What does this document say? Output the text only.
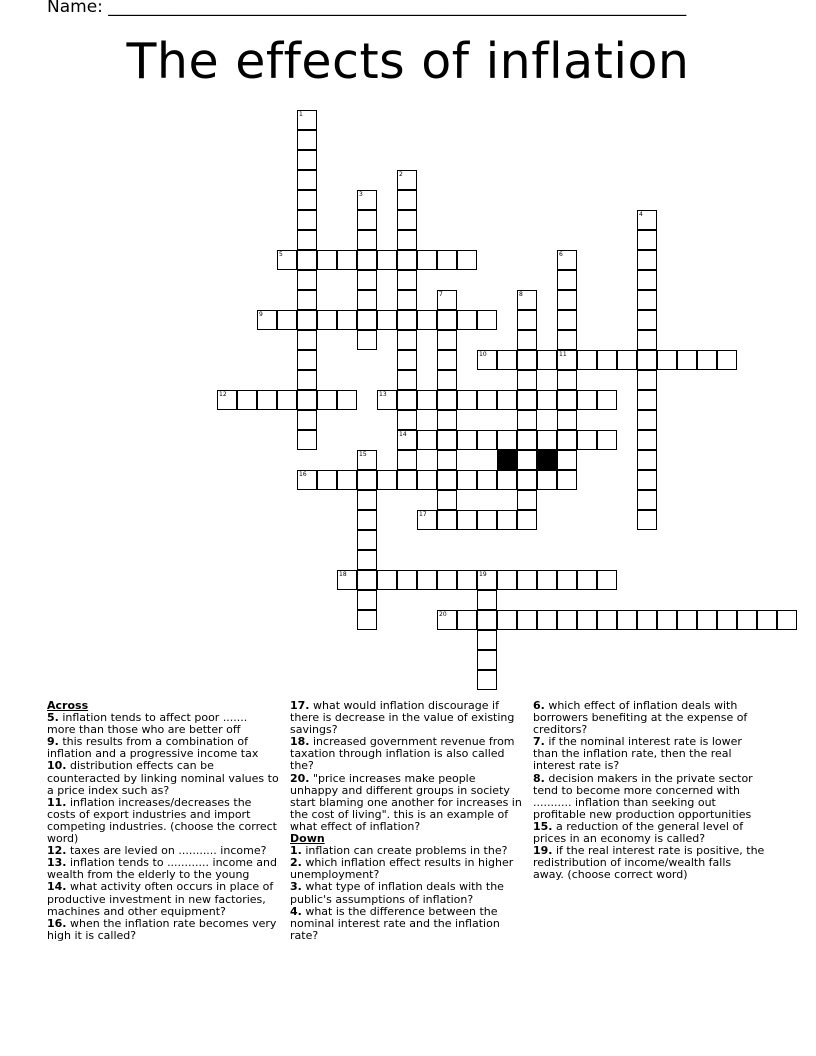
Name: ____________________________________________________________________
The effects of inflation
1
2
14
3
4
5	6
11
7	8
9
10
12	13
15
16
17
18	19
20
Across
5. inflation tends to affect poor ....... more than those who are better off
9. this results from a combination of inflation and a progressive income tax
10. distribution effects can be counteracted by linking nominal values to a price index such as?
11. inflation increases/decreases the costs of export industries and import competing industries. (choose the correct word)
12. taxes are levied on ........... income?
13. inflation tends to ............ income and wealth from the elderly to the young
14. what activity often occurs in place of productive investment in new factories, machines and other equipment?
16. when the inflation rate becomes very high it is called?
17. what would inflation discourage if there is decrease in the value of existing savings?
18. increased government revenue from taxation through inflation is also called the?
20. "price increases make people unhappy and different groups in society start blaming one another for increases in the cost of living". this is an example of what effect of inflation?
Down
1. inflation can create problems in the?
2. which inflation effect results in higher unemployment?
3. what type of inflation deals with the public's assumptions of inflation?
4. what is the difference between the nominal interest rate and the inflation rate?
6. which effect of inflation deals with borrowers benefiting at the expense of creditors?
7. if the nominal interest rate is lower than the inflation rate, then the real interest rate is?
8. decision makers in the private sector tend to become more concerned with ........... inflation than seeking out profitable new production opportunities
15. a reduction of the general level of prices in an economy is called?
19. if the real interest rate is positive, the redistribution of income/wealth falls away. (choose correct word)
